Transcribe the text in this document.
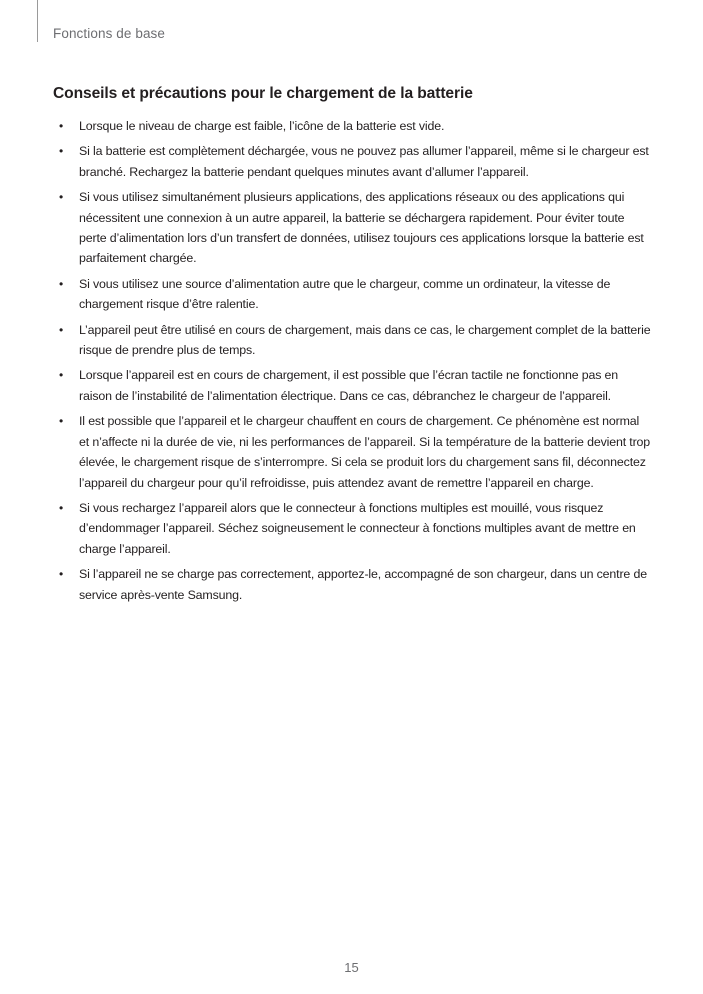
Fonctions de base
Conseils et précautions pour le chargement de la batterie
• Lorsque le niveau de charge est faible, l’icône de la batterie est vide.
• Si la batterie est complètement déchargée, vous ne pouvez pas allumer l’appareil, même si le chargeur est branché. Rechargez la batterie pendant quelques minutes avant d’allumer l’appareil.
• Si vous utilisez simultanément plusieurs applications, des applications réseaux ou des applications qui nécessitent une connexion à un autre appareil, la batterie se déchargera rapidement. Pour éviter toute perte d’alimentation lors d’un transfert de données, utilisez toujours ces applications lorsque la batterie est parfaitement chargée.
• Si vous utilisez une source d’alimentation autre que le chargeur, comme un ordinateur, la vitesse de chargement risque d’être ralentie.
• L’appareil peut être utilisé en cours de chargement, mais dans ce cas, le chargement complet de la batterie risque de prendre plus de temps.
• Lorsque l’appareil est en cours de chargement, il est possible que l’écran tactile ne fonctionne pas en raison de l’instabilité de l’alimentation électrique. Dans ce cas, débranchez le chargeur de l’appareil.
• Il est possible que l’appareil et le chargeur chauffent en cours de chargement. Ce phénomène est normal et n’affecte ni la durée de vie, ni les performances de l’appareil. Si la température de la batterie devient trop élevée, le chargement risque de s’interrompre. Si cela se produit lors du chargement sans fil, déconnectez l’appareil du chargeur pour qu’il refroidisse, puis attendez avant de remettre l’appareil en charge.
• Si vous rechargez l’appareil alors que le connecteur à fonctions multiples est mouillé, vous risquez d’endommager l’appareil. Séchez soigneusement le connecteur à fonctions multiples avant de mettre en charge l’appareil.
• Si l’appareil ne se charge pas correctement, apportez-le, accompagné de son chargeur, dans un centre de service après-vente Samsung.
15
